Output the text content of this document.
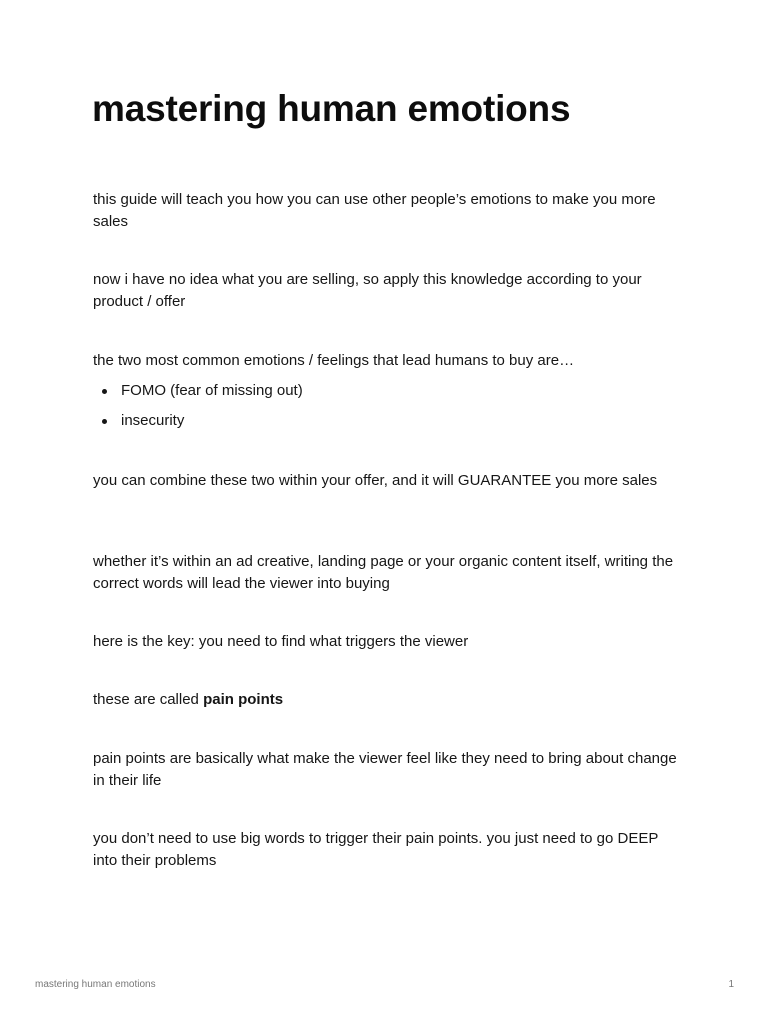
mastering human emotions

this guide will teach you how you can use other people’s emotions to make you more sales

now i have no idea what you are selling, so apply this knowledge according to your product / offer

the two most common emotions / feelings that lead humans to buy are…

FOMO (fear of missing out)
insecurity

you can combine these two within your offer, and it will GUARANTEE you more sales

whether it’s within an ad creative, landing page or your organic content itself, writing the correct words will lead the viewer into buying

here is the key: you need to find what triggers the viewer

these are called pain points

pain points are basically what make the viewer feel like they need to bring about change in their life

you don’t need to use big words to trigger their pain points. you just need to go DEEP into their problems

mastering human emotions	1
